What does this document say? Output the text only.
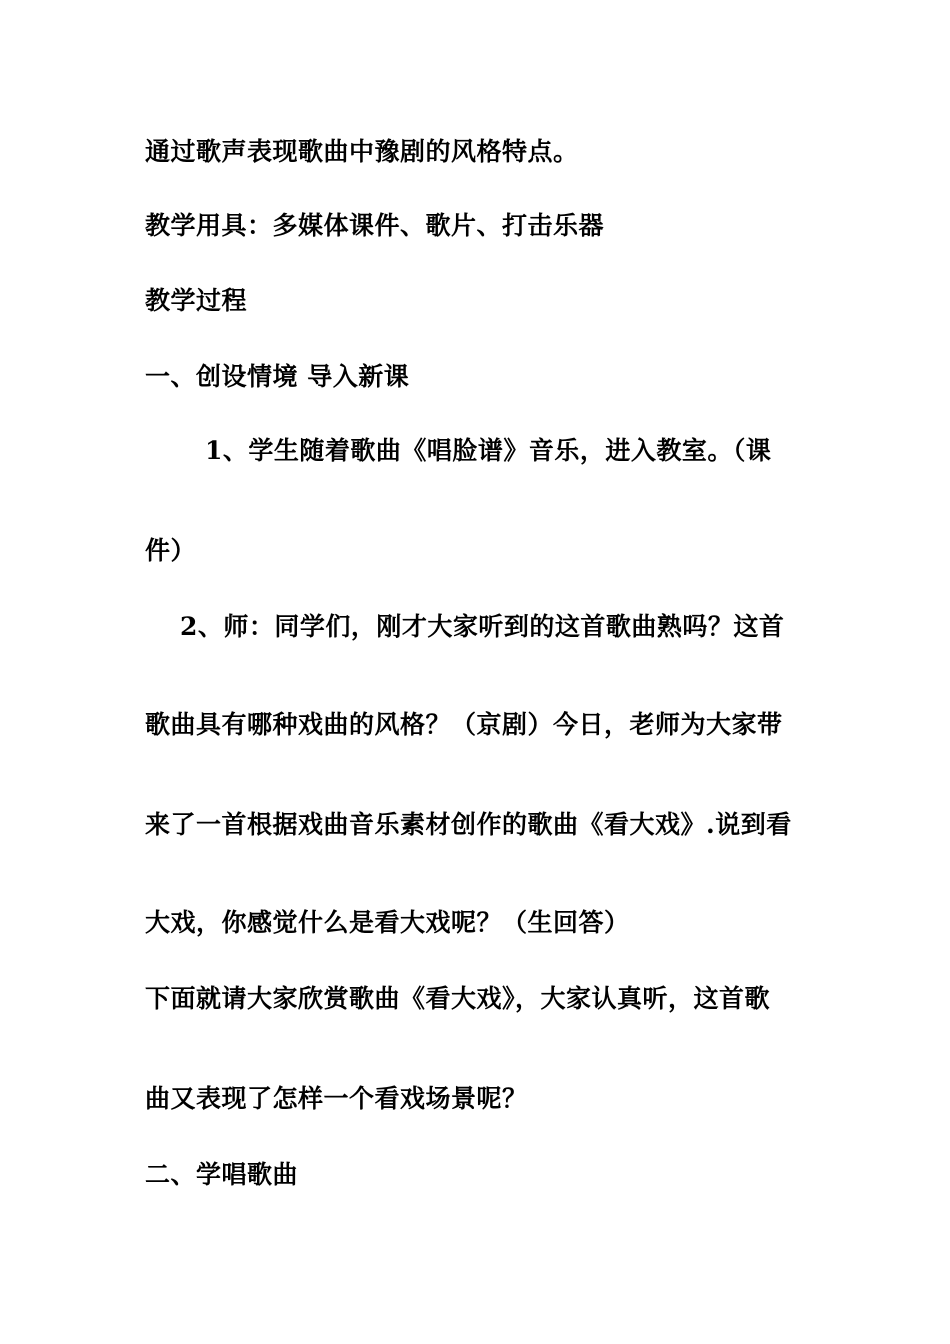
通过歌声表现歌曲中豫剧的风格特点。
教学用具：多媒体课件、歌片、打击乐器
教学过程
一、创设情境 导入新课
1、学生随着歌曲《唱脸谱》音乐，进入教室。（课
件）
2、师：同学们，刚才大家听到的这首歌曲熟吗？这首
歌曲具有哪种戏曲的风格？（京剧）今日，老师为大家带
来了一首根据戏曲音乐素材创作的歌曲《看大戏》.说到看
大戏，你感觉什么是看大戏呢？（生回答）
下面就请大家欣赏歌曲《看大戏》，大家认真听，这首歌
曲又表现了怎样一个看戏场景呢？
二、学唱歌曲
